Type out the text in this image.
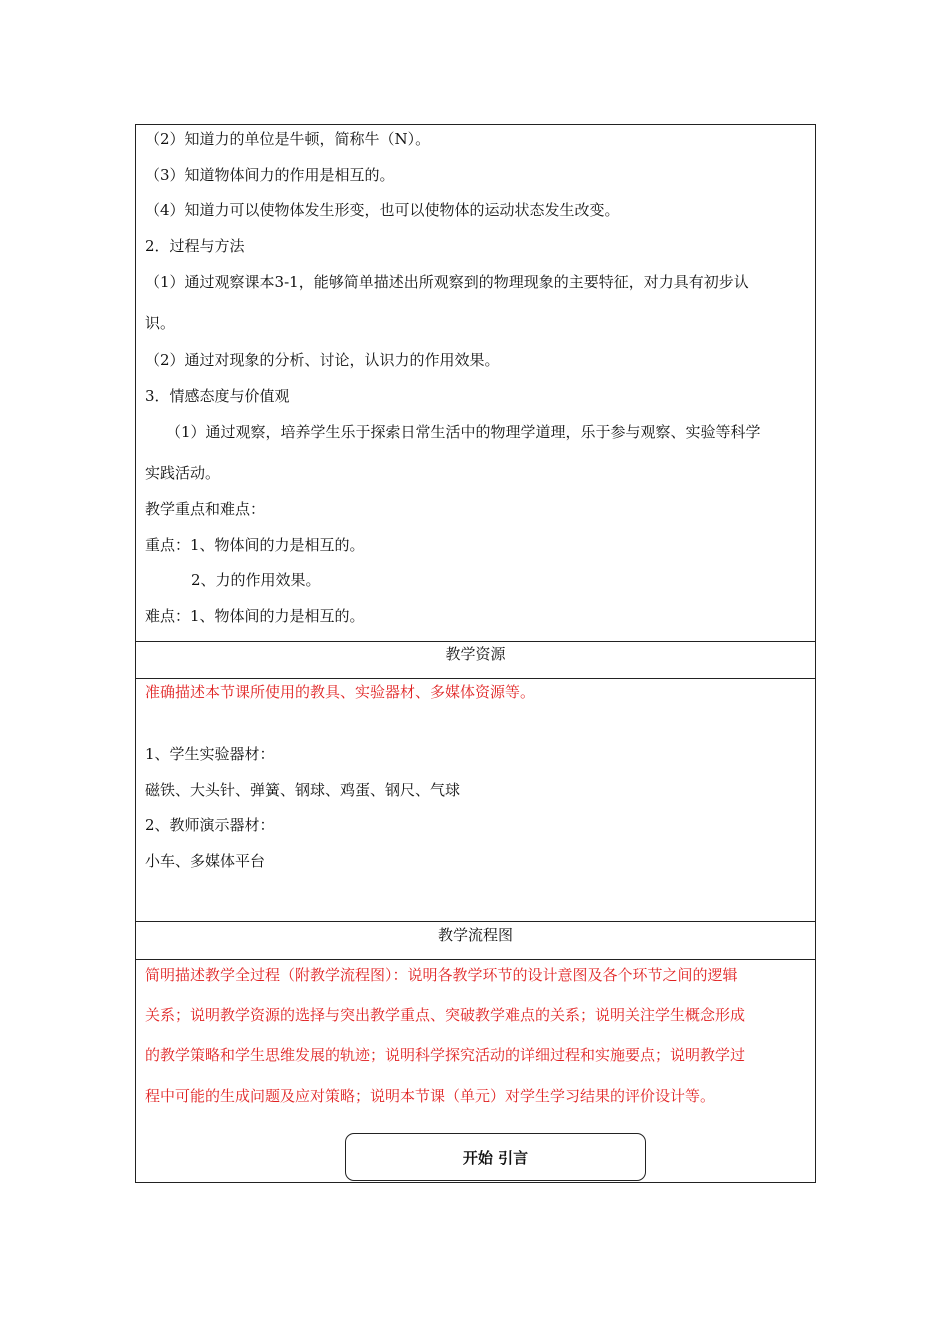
（2）知道力的单位是牛顿，简称牛（N）。
（3）知道物体间力的作用是相互的。
（4）知道力可以使物体发生形变，也可以使物体的运动状态发生改变。
2．过程与方法
（1）通过观察课本3-1，能够简单描述出所观察到的物理现象的主要特征，对力具有初步认
识。
（2）通过对现象的分析、讨论，认识力的作用效果。
3．情感态度与价值观
（1）通过观察，培养学生乐于探索日常生活中的物理学道理，乐于参与观察、实验等科学
实践活动。
教学重点和难点：
重点：1、物体间的力是相互的。
2、力的作用效果。
难点：1、物体间的力是相互的。
教学资源
准确描述本节课所使用的教具、实验器材、多媒体资源等。
1、学生实验器材：
磁铁、大头针、弹簧、钢球、鸡蛋、钢尺、气球
2、教师演示器材：
小车、多媒体平台
教学流程图
简明描述教学全过程（附教学流程图）：说明各教学环节的设计意图及各个环节之间的逻辑
关系；说明教学资源的选择与突出教学重点、突破教学难点的关系；说明关注学生概念形成
的教学策略和学生思维发展的轨迹；说明科学探究活动的详细过程和实施要点；说明教学过
程中可能的生成问题及应对策略；说明本节课（单元）对学生学习结果的评价设计等。
开始 引言
